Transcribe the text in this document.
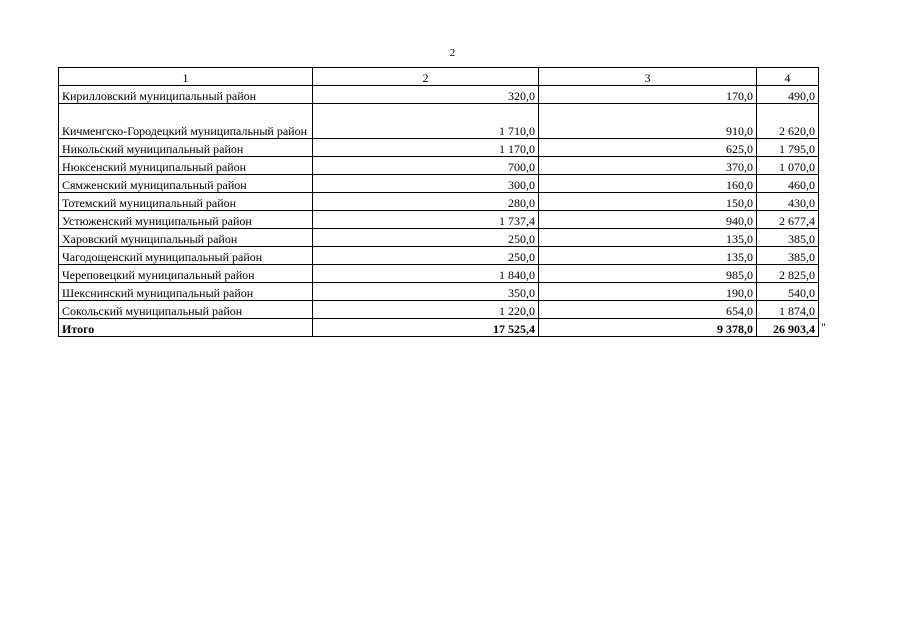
2
1	2	3	4
Кирилловский муниципальный район	320,0	170,0	490,0
Кичменгско-Городецкий муниципальный район	1 710,0	910,0	2 620,0
Никольский муниципальный район	1 170,0	625,0	1 795,0
Нюксенский муниципальный район	700,0	370,0	1 070,0
Сямженский муниципальный район	300,0	160,0	460,0
Тотемский муниципальный район	280,0	150,0	430,0
Устюженский муниципальный район	1 737,4	940,0	2 677,4
Харовский муниципальный район	250,0	135,0	385,0
Чагодощенский муниципальный район	250,0	135,0	385,0
Череповецкий муниципальный район	1 840,0	985,0	2 825,0
Шекснинский муниципальный район	350,0	190,0	540,0
Сокольский муниципальный район	1 220,0	654,0	1 874,0
Итого	17 525,4	9 378,0	26 903,4 "
